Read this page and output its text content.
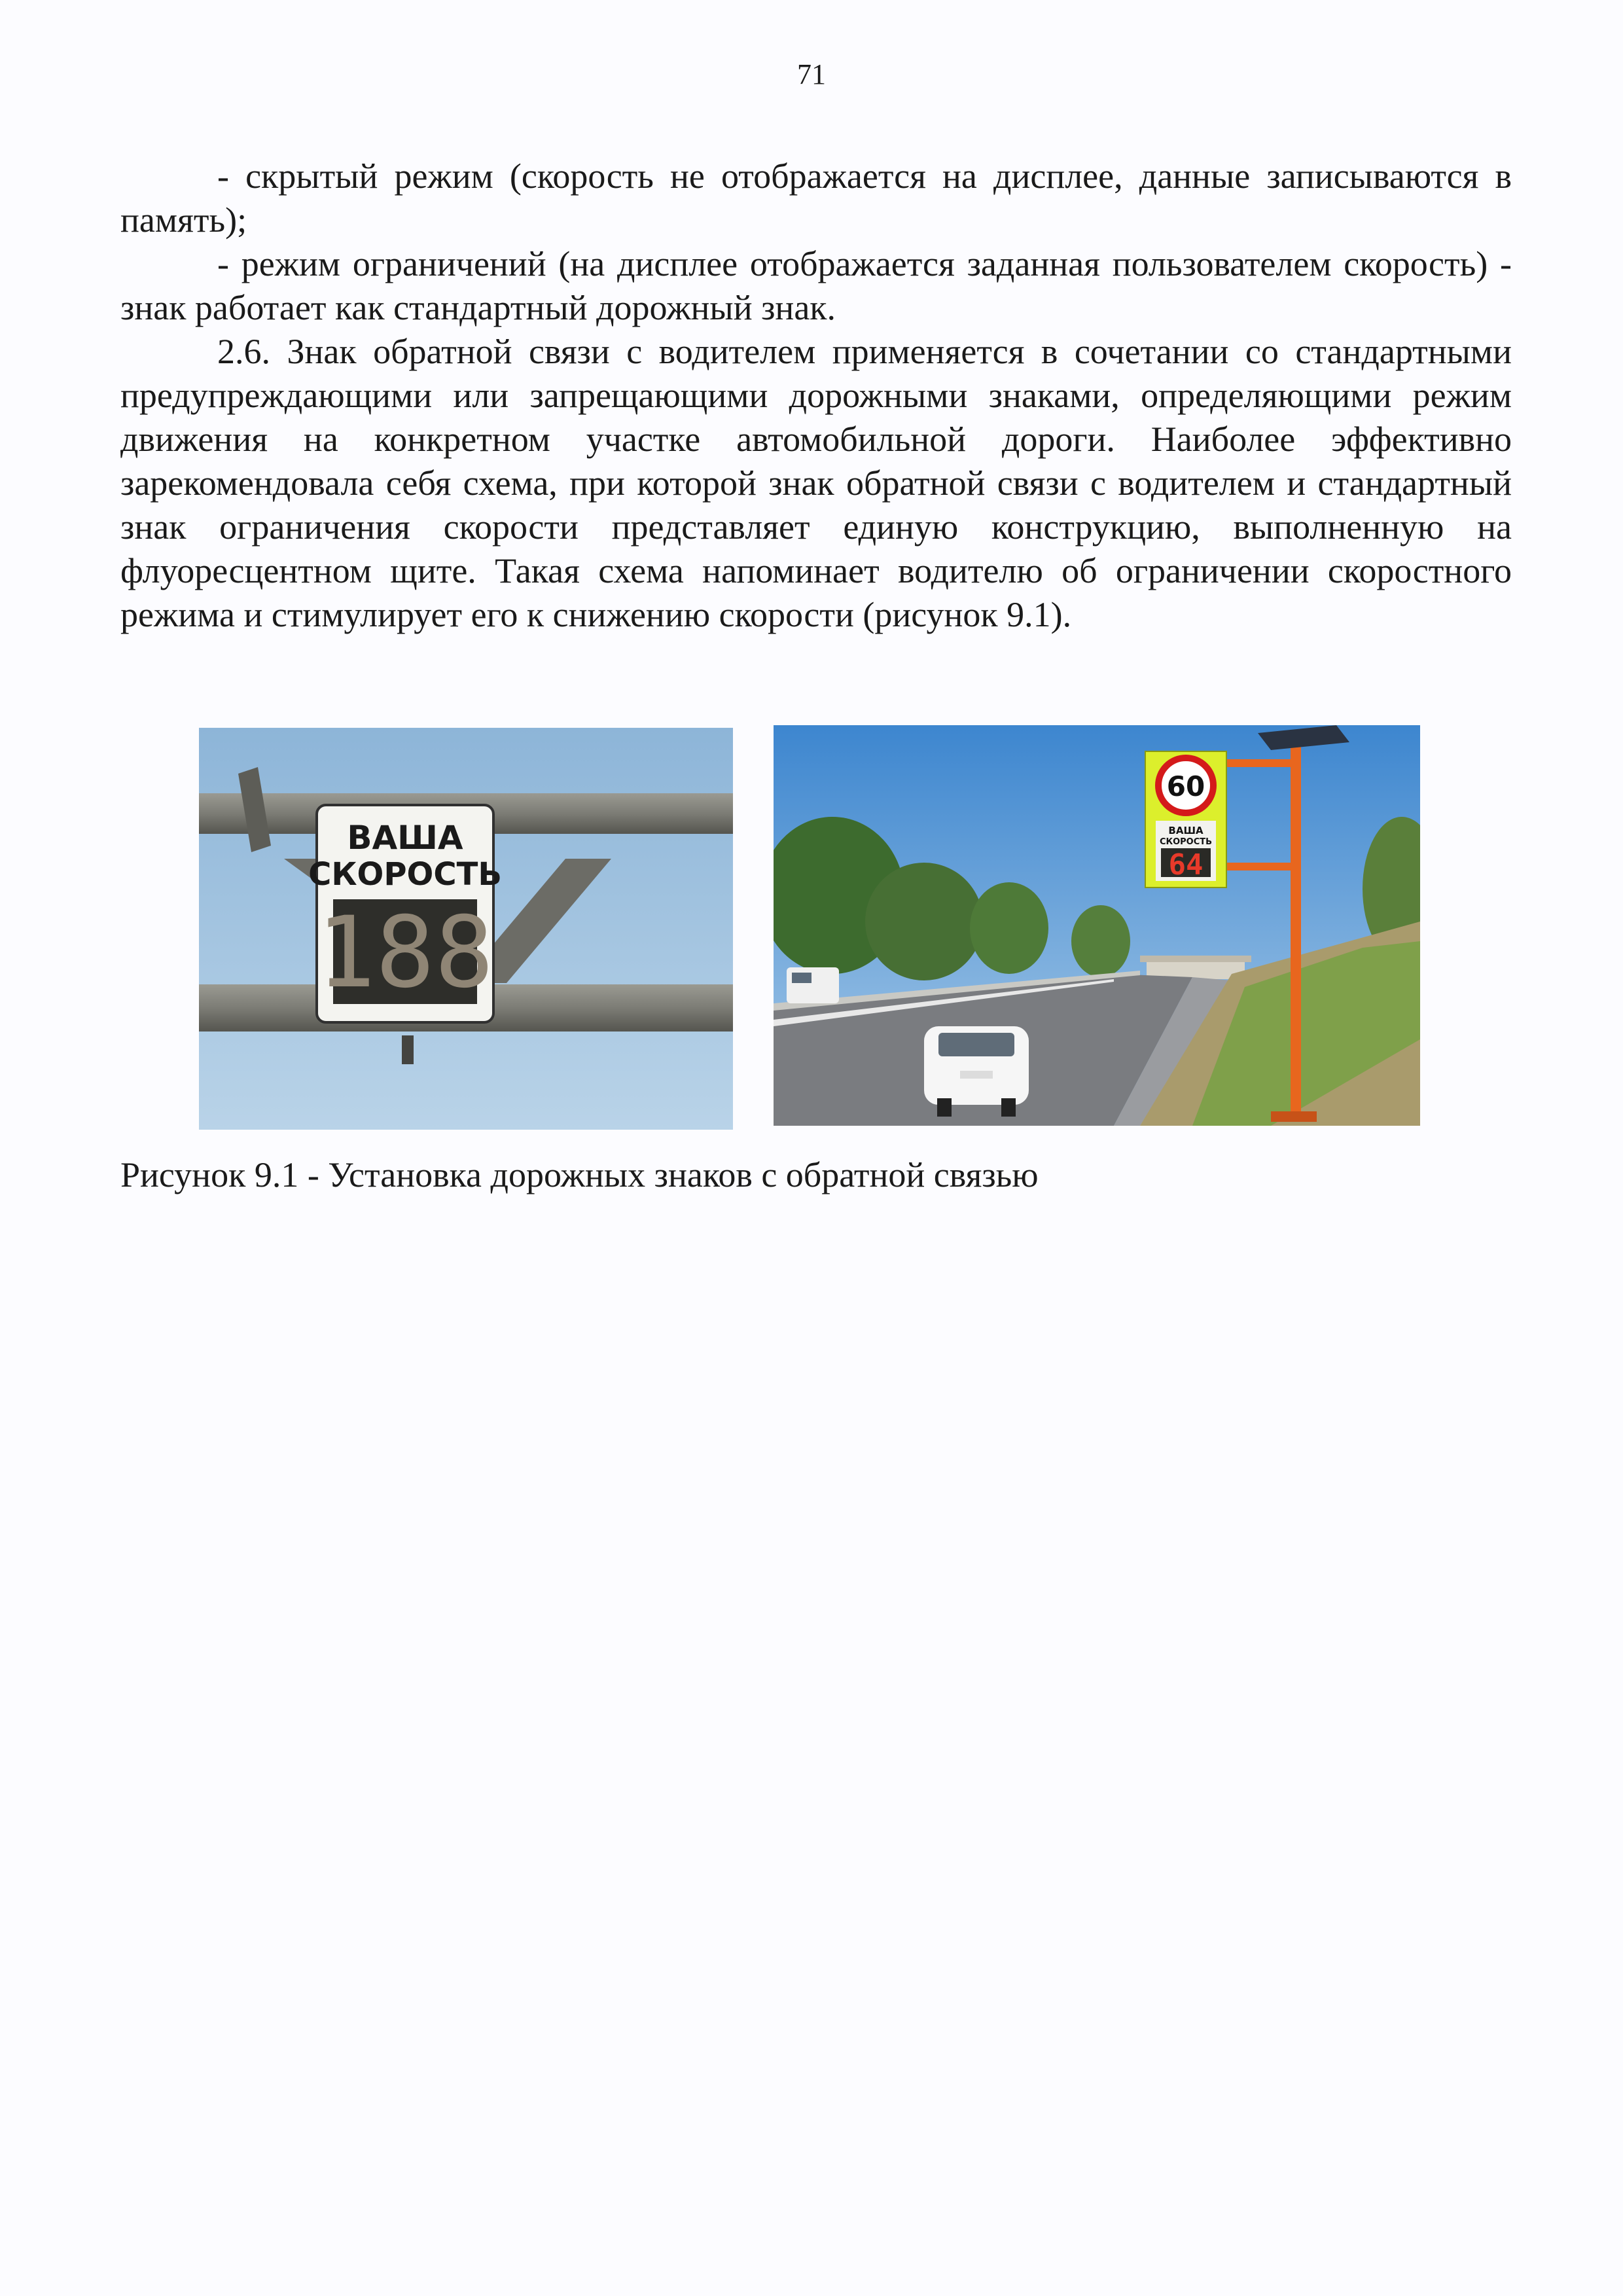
71

- скрытый режим (скорость не отображается на дисплее, данные записываются в память);

- режим ограничений (на дисплее отображается заданная пользователем скорость) - знак работает как стандартный дорожный знак.

2.6. Знак обратной связи с водителем применяется в сочетании со стандартными предупреждающими или запрещающими дорожными знаками, определяющими режим движения на конкретном участке автомобильной дороги. Наиболее эффективно зарекомендовала себя схема, при которой знак обратной связи с водителем и стандартный знак ограничения скорости представляет единую конструкцию, выполненную на флуоресцентном щите. Такая схема напоминает водителю об ограничении скоростного режима и стимулирует его к снижению скорости (рисунок 9.1).

ВАША
СКОРОСТЬ
188
60
ВАША
СКОРОСТЬ
64
Рисунок 9.1 - Установка дорожных знаков с обратной связью
